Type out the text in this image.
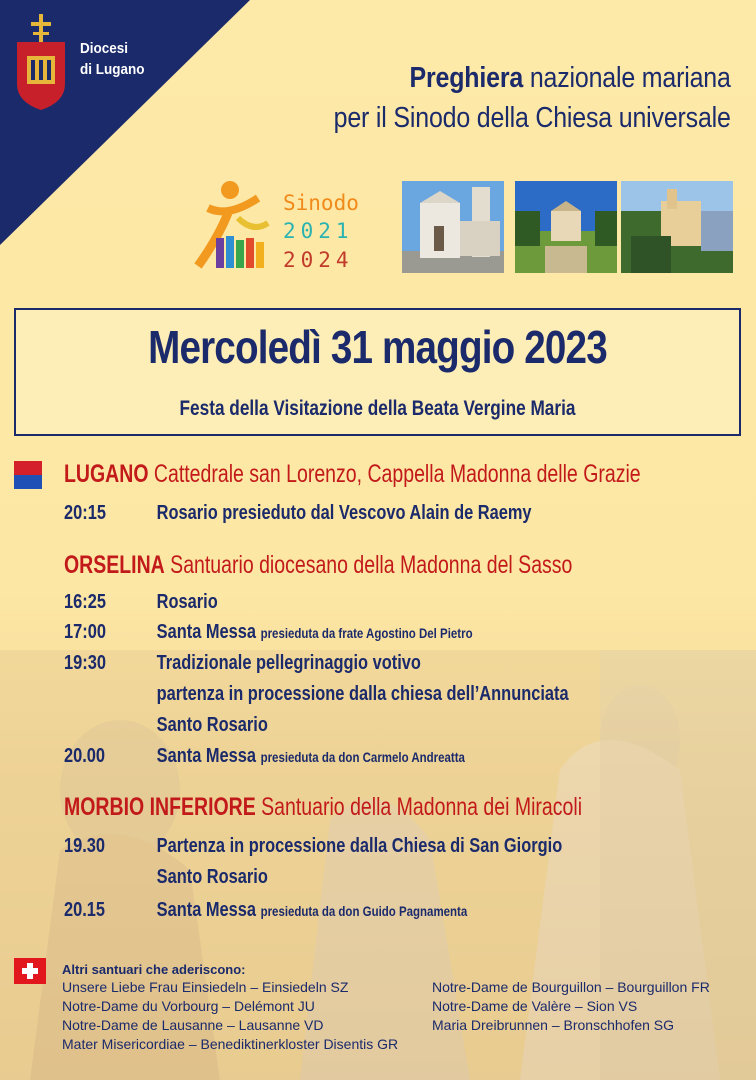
Diocesi
di Lugano	Preghiera nazionale mariana
per il Sinodo della Chiesa universale
Sinodo
2021
2024
Mercoledì 31 maggio 2023
Festa della Visitazione della Beata Vergine Maria
LUGANO Cattedrale san Lorenzo, Cappella Madonna delle Grazie
20:15	Rosario presieduto dal Vescovo Alain de Raemy
ORSELINA Santuario diocesano della Madonna del Sasso
16:25	Rosario
17:00	Santa Messa presieduta da frate Agostino Del Pietro
19:30	Tradizionale pellegrinaggio votivo
partenza in processione dalla chiesa dell’Annunciata
Santo Rosario
20.00	Santa Messa presieduta da don Carmelo Andreatta
MORBIO INFERIORE Santuario della Madonna dei Miracoli
19.30	Partenza in processione dalla Chiesa di San Giorgio
Santo Rosario
20.15	Santa Messa presieduta da don Guido Pagnamenta
Altri santuari che aderiscono:
Unsere Liebe Frau Einsiedeln – Einsiedeln SZ
Notre-Dame du Vorbourg – Delémont JU
Notre-Dame de Lausanne – Lausanne VD
Mater Misericordiae – Benediktinerkloster Disentis GR
Notre-Dame de Bourguillon – Bourguillon FR
Notre-Dame de Valère – Sion VS
Maria Dreibrunnen – Bronschhofen SG
